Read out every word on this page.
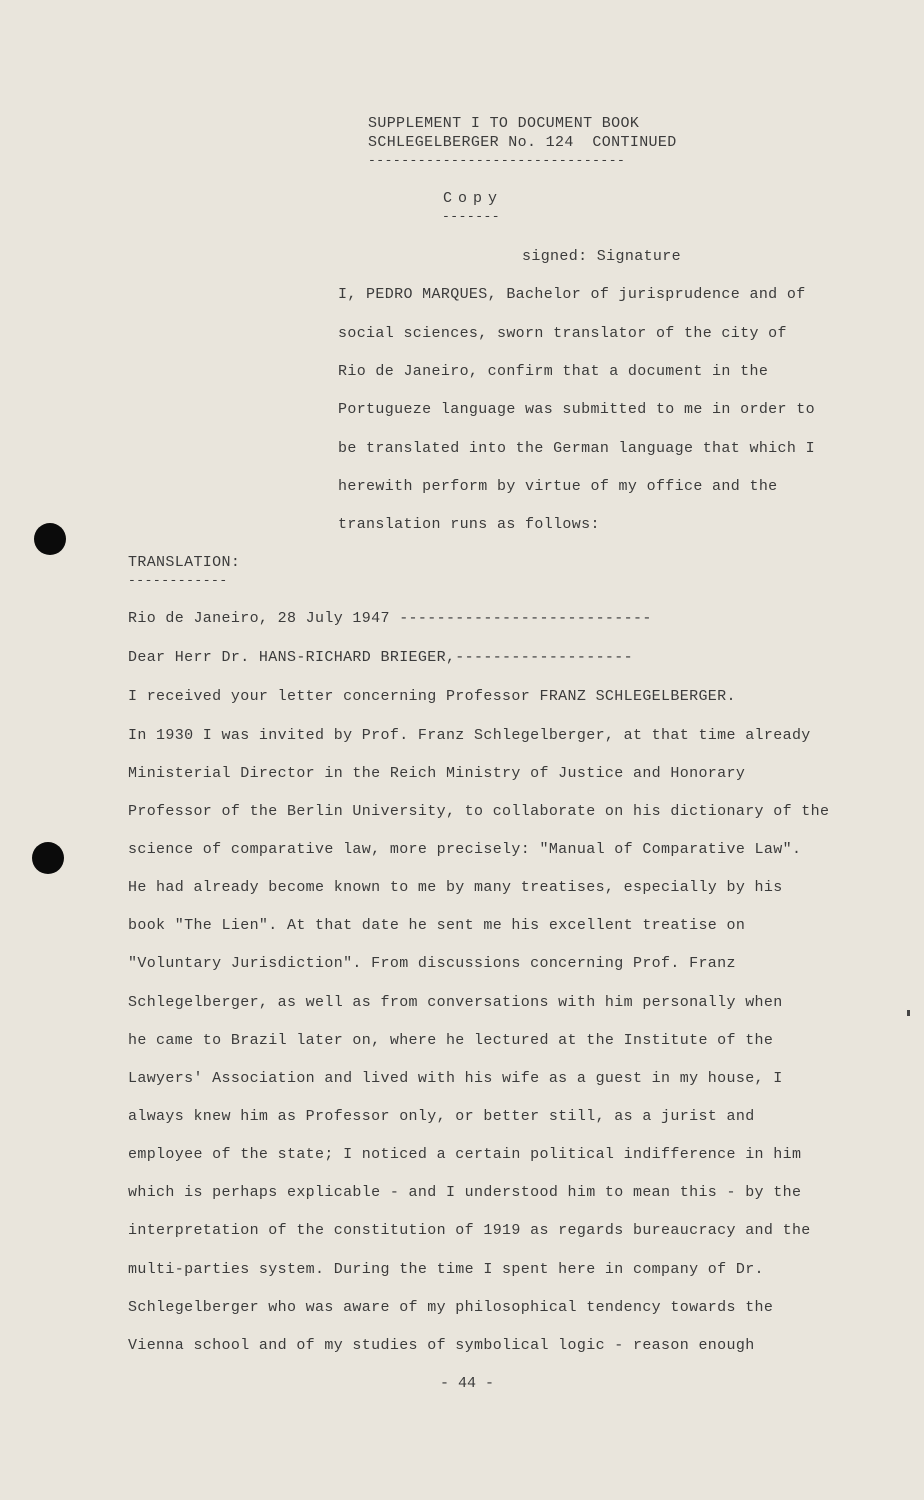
SUPPLEMENT I TO DOCUMENT BOOK
SCHLEGELBERGER No. 124  CONTINUED
-------------------------------
Copy
-------
signed: Signature
I, PEDRO MARQUES, Bachelor of jurisprudence and of
social sciences, sworn translator of the city of
Rio de Janeiro, confirm that a document in the
Portugueze language was submitted to me in order to
be translated into the German language that which I
herewith perform by virtue of my office and the
translation runs as follows:
TRANSLATION:
------------
Rio de Janeiro, 28 July 1947 ---------------------------
Dear Herr Dr. HANS-RICHARD BRIEGER,-------------------
I received your letter concerning Professor FRANZ SCHLEGELBERGER.
In 1930 I was invited by Prof. Franz Schlegelberger, at that time already
Ministerial Director in the Reich Ministry of Justice and Honorary
Professor of the Berlin University, to collaborate on his dictionary of the
science of comparative law, more precisely: "Manual of Comparative Law".
He had already become known to me by many treatises, especially by his
book "The Lien". At that date he sent me his excellent treatise on
"Voluntary Jurisdiction". From discussions concerning Prof. Franz
Schlegelberger, as well as from conversations with him personally when
he came to Brazil later on, where he lectured at the Institute of the
Lawyers' Association and lived with his wife as a guest in my house, I
always knew him as Professor only, or better still, as a jurist and
employee of the state; I noticed a certain political indifference in him
which is perhaps explicable - and I understood him to mean this - by the
interpretation of the constitution of 1919 as regards bureaucracy and the
multi-parties system. During the time I spent here in company of Dr.
Schlegelberger who was aware of my philosophical tendency towards the
Vienna school and of my studies of symbolical logic - reason enough
- 44 -
